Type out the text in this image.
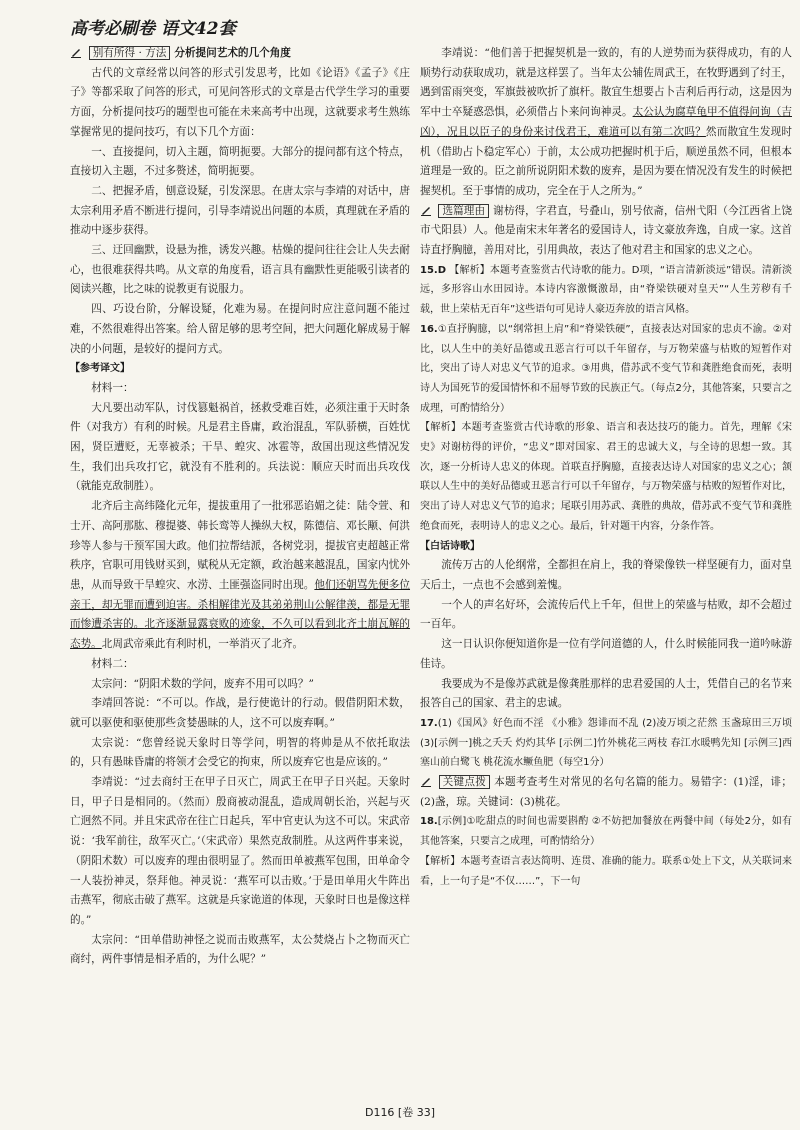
高考必刷卷 语文42套

别有所得 · 方法 分析提问艺术的几个角度

古代的文章经常以问答的形式引发思考，比如《论语》《孟子》《庄子》等都采取了问答的形式，可见问答形式的文章是古代学生学习的重要方面，分析提问技巧的题型也可能在未来高考中出现，这就要求考生熟练掌握常见的提问技巧，有以下几个方面：

一、直接提问，切入主题，简明扼要。大部分的提问都有这个特点，直接切入主题，不过多赘述，简明扼要。

二、把握矛盾，刨意设疑，引发深思。在唐太宗与李靖的对话中，唐太宗利用矛盾不断进行提问，引导李靖说出问题的本质，真理就在矛盾的推动中逐步获得。

三、迂回幽默，设悬为推，诱发兴趣。枯燥的提问往往会让人失去耐心，也很难获得共鸣。从文章的角度看，语言具有幽默性更能吸引读者的阅读兴趣，比之味的说教更有说服力。

四、巧设台阶，分解设疑，化难为易。在提问时应注意问题不能过难，不然很难得出答案。给人留足够的思考空间，把大问题化解成易于解决的小问题，是较好的提问方式。

【参考译文】

材料一：

大凡要出动军队，讨伐篡魁祸首，拯救受难百姓，必须注重于天时条件（对我方）有利的时候。凡是君主昏庸，政治混乱，军队骄横，百姓忧困，贤臣遭贬，无辜被杀；干旱、蝗灾、冰雹等，敌国出现这些情况发生，我们出兵攻打它，就没有不胜利的。兵法说：顺应天时而出兵攻伐（就能克敌制胜）。

北齐后主高纬隆化元年，提拔重用了一批邪恶谄媚之徒：陆令萱、和士开、高阿那肱、穆提婆、韩长鸾等人操纵大权，陈德信、邓长颙、何洪珍等人参与干预军国大政。他们拉帮结派，各树党羽，提拔官吏超越正常秩序，官职可用钱财买到，赋税从无定额，政治越来越混乱，国家内忧外患，从而导致干旱蝗灾、水涝、土匪强盗同时出现。他们还朝骂先便多位亲王，却无罪而遭到迫害。杀相解律光及其弟弟荆山公解律羡，都是无罪而惨遭杀害的。北齐逐渐显露衰败的迹象，不久可以看到北齐土崩瓦解的态势。北周武帝乘此有利时机，一举消灭了北齐。

材料二：

太宗问：“阴阳术数的学问，废弃不用可以吗？”

李靖回答说：“不可以。作战，是行使诡计的行动。假借阴阳术数，就可以驱使和驱使那些贪婪愚昧的人，这不可以废弃啊。”

太宗说：“您曾经说天象时日等学问，明智的将帅是从不依托取法的，只有愚昧昏庸的将领才会受它的拘束，所以废弃它也是应该的。”

李靖说：“过去商纣王在甲子日灭亡，周武王在甲子日兴起。天象时日，甲子日是相同的。（然而）殷商被动混乱，造成周朝长治，兴起与灭亡迥然不同。并且宋武帝在往亡日起兵，军中官吏认为这不可以。宋武帝说：‘我军前往，敌军灭亡。’（宋武帝）果然克敌制胜。从这两件事来说，（阴阳术数）可以废弃的理由很明显了。然而田单被燕军包围，田单命令一人装扮神灵，祭拜他。神灵说：‘燕军可以击败。’于是田单用火牛阵出击燕军，彻底击破了燕军。这就是兵家诡道的体现，天象时日也是像这样的。”

太宗问：“田单借助神怪之说而击败燕军，太公焚烧占卜之物而灭亡商纣，两件事情是相矛盾的，为什么呢？”

李靖说：“他们善于把握契机是一致的，有的人逆势而为获得成功，有的人顺势行动获取成功，就是这样罢了。当年太公辅佐周武王，在牧野遇到了纣王，遇到雷雨突变，军旗鼓被吹折了旗杆。散宜生想要占卜吉利后再行动，这是因为军中士卒疑惑恐惧，必须借占卜来问询神灵。太公认为腐草龟甲不值得问询（吉凶），况且以臣子的身份来讨伐君王，难道可以有第二次吗？然而散宜生发现时机（借助占卜稳定军心）于前，太公成功把握时机于后，顺逆虽然不同，但根本道理是一致的。臣之前所说阴阳术数的废弃，是因为要在情况没有发生的时候把握契机。至于事情的成功，完全在于人之所为。”

选篇理由 谢枋得，字君直，号叠山，别号依斋，信州弋阳（今江西省上饶市弋阳县）人。他是南宋末年著名的爱国诗人，诗文豪放奔逸，自成一家。这首诗直抒胸臆，善用对比，引用典故，表达了他对君主和国家的忠义之心。

15.D 【解析】本题考查鉴赏古代诗歌的能力。D项，“语言清新淡远”错误。清新淡远，多形容山水田园诗。本诗内容激慨激昂，由“脊梁铁硬对皇天”“人生芳秽有千载，世上荣枯无百年”这些语句可见诗人豪迈奔放的语言风格。

16.①直抒胸臆，以“纲常担上肩”和“脊梁铁硬”，直接表达对国家的忠贞不渝。②对比，以人生中的美好品德或丑恶言行可以千年留存，与万物荣盛与枯败的短暂作对比，突出了诗人对忠义气节的追求。③用典，借苏武不变气节和龚胜绝食而死，表明诗人为国死节的爱国情怀和不屈辱节致的民族正气。（每点2分，其他答案，只要言之成理，可酌情给分）

【解析】本题考查鉴赏古代诗歌的形象、语言和表达技巧的能力。首先，理解《宋史》对谢枋得的评价，“忠义”即对国家、君王的忠诚大义，与全诗的思想一致。其次，逐一分析诗人忠义的体现。首联直抒胸臆，直接表达诗人对国家的忠义之心；颔联以人生中的美好品德或丑恶言行可以千年留存，与万物荣盛与枯败的短暂作对比，突出了诗人对忠义气节的追求；尾联引用苏武、龚胜的典故，借苏武不变气节和龚胜绝食而死，表明诗人的忠义之心。最后，针对题干内容，分条作答。

【白话诗歌】

流传万古的人伦纲常，全都担在肩上，我的脊梁像铁一样坚硬有力，面对皇天后土，一点也不会感到羞愧。

一个人的声名好坏，会流传后代上千年，但世上的荣盛与枯败，却不会超过一百年。

这一日认识你便知道你是一位有学问道德的人，什么时候能同我一道吟咏游佳诗。

我要成为不是像苏武就是像龚胜那样的忠君爱国的人士，凭借自己的名节来报答自己的国家、君主的忠诚。

17.(1)《国风》好色而不淫 《小雅》怨诽而不乱 (2)凌万顷之茫然 玉盏琼田三万顷 (3)[示例一]桃之夭夭 灼灼其华 [示例二]竹外桃花三两枝 春江水暖鸭先知 [示例三]西塞山前白鹭飞 桃花流水鳜鱼肥（每空1分）

关键点拨 本题考查考生对常见的名句名篇的能力。易错字：(1)淫，诽；(2)盏，琼。关键词：(3)桃花。

18.[示例]①吃甜点的时间也需要斟酌 ②不妨把加餐放在两餐中间（每处2分，如有其他答案，只要言之成理，可酌情给分）

【解析】本题考查语言表达简明、连贯、准确的能力。联系①处上下文，从关联词来看，上一句子是“不仅……”，下一句

D116 [卷 33]
